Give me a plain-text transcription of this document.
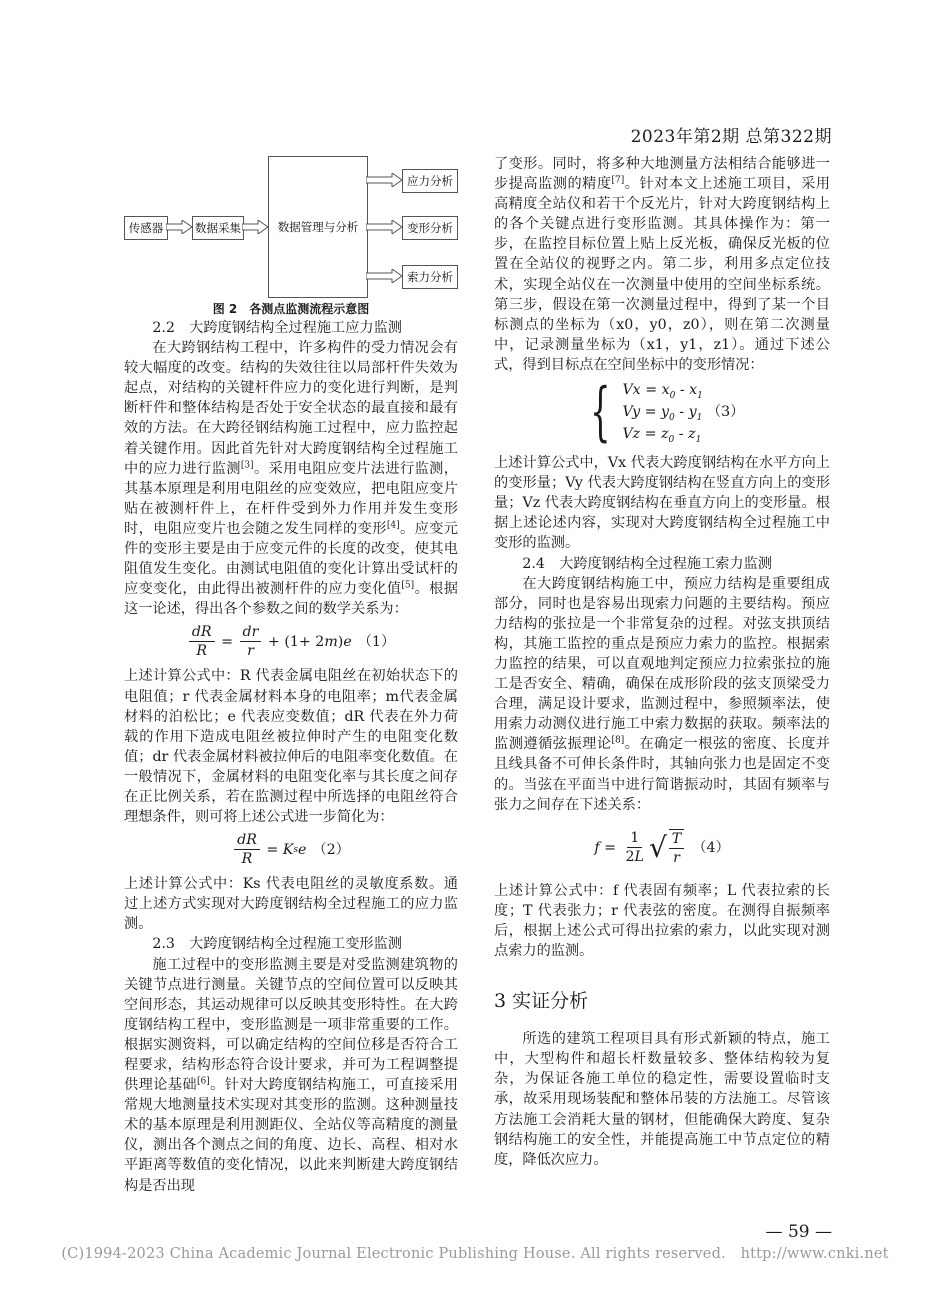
2023年第2期 总第322期
传感器	数据采集	数据管理与分析
应力分析
变形分析
索力分析
图 2　各测点监测流程示意图

2.2　大跨度钢结构全过程施工应力监测

在大跨钢结构工程中，许多构件的受力情况会有较大幅度的改变。结构的失效往往以局部杆件失效为起点，对结构的关键杆件应力的变化进行判断，是判断杆件和整体结构是否处于安全状态的最直接和最有效的方法。在大跨径钢结构施工过程中，应力监控起着关键作用。因此首先针对大跨度钢结构全过程施工中的应力进行监测[3]。采用电阻应变片法进行监测，其基本原理是利用电阻丝的应变效应，把电阻应变片贴在被测杆件上，在杆件受到外力作用并发生变形时，电阻应变片也会随之发生同样的变形[4]。应变元件的变形主要是由于应变元件的长度的改变，使其电阻值发生变化。由测试电阻值的变化计算出受试杆的应变变化，由此得出被测杆件的应力变化值[5]。根据这一论述，得出各个参数之间的数学关系为：

$\frac{dR}{R} = \frac{dr}{r} + (1+ 2$ m ) e （1）

上述计算公式中：R 代表金属电阻丝在初始状态下的电阻值；r 代表金属材料本身的电阻率；m代表金属材料的泊松比；e 代表应变数值；dR 代表在外力荷载的作用下造成电阻丝被拉伸时产生的电阻变化数值；dr 代表金属材料被拉伸后的电阻率变化数值。在一般情况下，金属材料的电阻变化率与其长度之间存在正比例关系，若在监测过程中所选择的电阻丝符合理想条件，则可将上述公式进一步简化为：

$\frac{dR}{R} = K$ s e （2）

上述计算公式中：Ks 代表电阻丝的灵敏度系数。通过上述方式实现对大跨度钢结构全过程施工的应力监测。

2.3　大跨度钢结构全过程施工变形监测

施工过程中的变形监测主要是对受监测建筑物的关键节点进行测量。关键节点的空间位置可以反映其空间形态，其运动规律可以反映其变形特性。在大跨度钢结构工程中，变形监测是一项非常重要的工作。根据实测资料，可以确定结构的空间位移是否符合工程要求，结构形态符合设计要求，并可为工程调整提供理论基础[6]。针对大跨度钢结构施工，可直接采用常规大地测量技术实现对其变形的监测。这种测量技术的基本原理是利用测距仪、全站仪等高精度的测量仪，测出各个测点之间的角度、边长、高程、相对水平距离等数值的变化情况，以此来判断建大跨度钢结构是否出现

了变形。同时，将多种大地测量方法相结合能够进一步提高监测的精度[7]。针对本文上述施工项目，采用高精度全站仪和若干个反光片，针对大跨度钢结构上的各个关键点进行变形监测。其具体操作为：第一步，在监控目标位置上贴上反光板，确保反光板的位置在全站仪的视野之内。第二步，利用多点定位技术，实现全站仪在一次测量中使用的空间坐标系统。第三步，假设在第一次测量过程中，得到了某一个目标测点的坐标为（x0，y0，z0），则在第二次测量中，记录测量坐标为（x1，y1，z1）。通过下述公式，得到目标点在空间坐标中的变形情况：

{ $Vx = x_0 - x_1$
$Vy = y_0 - y_1$ （3）
$Vz = z_0 - z_1$

上述计算公式中，Vx 代表大跨度钢结构在水平方向上的变形量；Vy 代表大跨度钢结构在竖直方向上的变形量；Vz 代表大跨度钢结构在垂直方向上的变形量。根据上述论述内容，实现对大跨度钢结构全过程施工中变形的监测。

2.4　大跨度钢结构全过程施工索力监测

在大跨度钢结构施工中，预应力结构是重要组成部分，同时也是容易出现索力问题的主要结构。预应力结构的张拉是一个非常复杂的过程。对弦支拱顶结构，其施工监控的重点是预应力索力的监控。根据索力监控的结果，可以直观地判定预应力拉索张拉的施工是否安全、精确，确保在成形阶段的弦支顶梁受力合理，满足设计要求，监测过程中，参照频率法，使用索力动测仪进行施工中索力数据的获取。频率法的监测遵循弦振理论[8]。在确定一根弦的密度、长度并且线具备不可伸长条件时，其轴向张力也是固定不变的。当弦在平面当中进行简谐振动时，其固有频率与张力之间存在下述关系：

$f = \frac{1}{2L}$ √ $\frac{T}{r} (4)$

上述计算公式中：f 代表固有频率；L 代表拉索的长度；T 代表张力；r 代表弦的密度。在测得自振频率后，根据上述公式可得出拉索的索力，以此实现对测点索力的监测。

3 实证分析

所选的建筑工程项目具有形式新颖的特点，施工中，大型构件和超长杆数量较多、整体结构较为复杂，为保证各施工单位的稳定性，需要设置临时支承，故采用现场装配和整体吊装的方法施工。尽管该方法施工会消耗大量的钢材，但能确保大跨度、复杂钢结构施工的安全性，并能提高施工中节点定位的精度，降低次应力。

— 59 —
(C)1994-2023 China Academic Journal Electronic Publishing House. All rights reserved.　http://www.cnki.net
